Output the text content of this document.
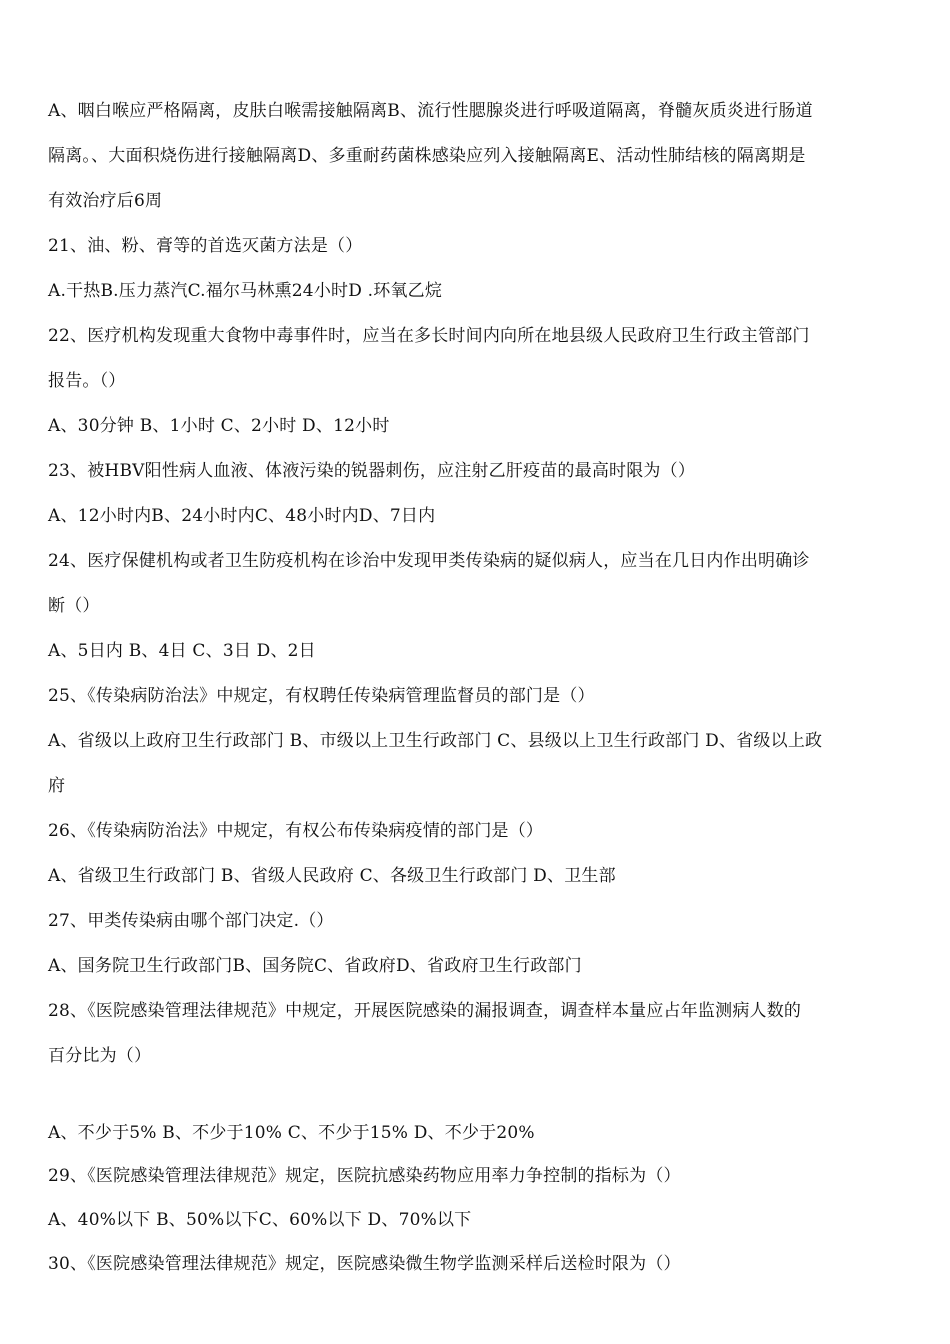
A、咽白喉应严格隔离，皮肤白喉需接触隔离B、流行性腮腺炎进行呼吸道隔离，脊髓灰质炎进行肠道
隔离。、大面积烧伤进行接触隔离D、多重耐药菌株感染应列入接触隔离E、活动性肺结核的隔离期是
有效治疗后6周
21、油、粉、膏等的首选灭菌方法是（）
A.干热B.压力蒸汽C.福尔马林熏24小时D .环氧乙烷
22、医疗机构发现重大食物中毒事件时，应当在多长时间内向所在地县级人民政府卫生行政主管部门
报告。（）
A、30分钟 B、1小时 C、2小时 D、12小时
23、被HBV阳性病人血液、体液污染的锐器刺伤，应注射乙肝疫苗的最高时限为（）
A、12小时内B、24小时内C、48小时内D、7日内
24、医疗保健机构或者卫生防疫机构在诊治中发现甲类传染病的疑似病人，应当在几日内作出明确诊
断（）
A、5日内 B、4日 C、3日 D、2日
25、《传染病防治法》中规定，有权聘任传染病管理监督员的部门是（）
A、省级以上政府卫生行政部门 B、市级以上卫生行政部门 C、县级以上卫生行政部门 D、省级以上政
府
26、《传染病防治法》中规定，有权公布传染病疫情的部门是（）
A、省级卫生行政部门 B、省级人民政府 C、各级卫生行政部门 D、卫生部
27、甲类传染病由哪个部门决定.（）
A、国务院卫生行政部门B、国务院C、省政府D、省政府卫生行政部门
28、《医院感染管理法律规范》中规定，开展医院感染的漏报调查，调查样本量应占年监测病人数的
百分比为（）
A、不少于5% B、不少于10% C、不少于15% D、不少于20%
29、《医院感染管理法律规范》规定，医院抗感染药物应用率力争控制的指标为（）
A、40%以下 B、50%以下C、60%以下 D、70%以下
30、《医院感染管理法律规范》规定，医院感染微生物学监测采样后送检时限为（）
